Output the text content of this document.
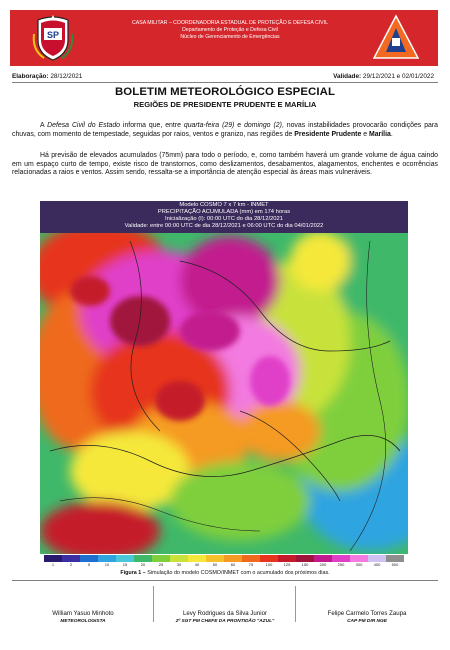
SP
CASA MILITAR – COORDENADORIA ESTADUAL DE PROTEÇÃO E DEFESA CIVIL
Departamento de Proteção e Defesa Civil
Núcleo de Gerenciamento de Emergências
Elaboração: 28/12/2021	Validade: 29/12/2021 e 02/01/2022
BOLETIM METEOROLÓGICO ESPECIAL
REGIÕES DE PRESIDENTE PRUDENTE E MARÍLIA
A Defesa Civil do Estado informa que, entre quarta-feira (29) e domingo (2), novas instabilidades provocarão condições para chuvas, com momento de tempestade, seguidas por raios, ventos e granizo, nas regiões de Presidente Prudente e Marília.
Há previsão de elevados acumulados (75mm) para todo o período, e, como também haverá um grande volume de água caindo em um espaço curto de tempo, existe risco de transtornos, como deslizamentos, desabamentos, alagamentos, enchentes e ocorrências relacionadas a raios e ventos. Assim sendo, ressalta-se a importância de atenção especial às áreas mais vulneráveis.
Modelo COSMO 7 x 7 km - INMET
PRECIPITAÇÃO ACUMULADA (mm) em 174 horas
Inicialização (I): 00:00 UTC do dia 28/12/2021
Validade: entre 00:00 UTC de dia 28/12/2021 e 06:00 UTC do dia 04/01/2022
1	2	5	10	15	20	25	30	40	50	60	75	100	125	150	200	250	300	400	500
Figura 1 – Simulação do modelo COSMO/INMET com o acumulado dos próximos dias.
William Yasuo Minhoto
METEOROLOGISTA
Levy Rodrigues da Silva Junior
2º SGT PM CHEFE DA PRONTIDÃO "AZUL"
Felipe Carmelo Torres Zaupa
CAP PM DIR NGE
